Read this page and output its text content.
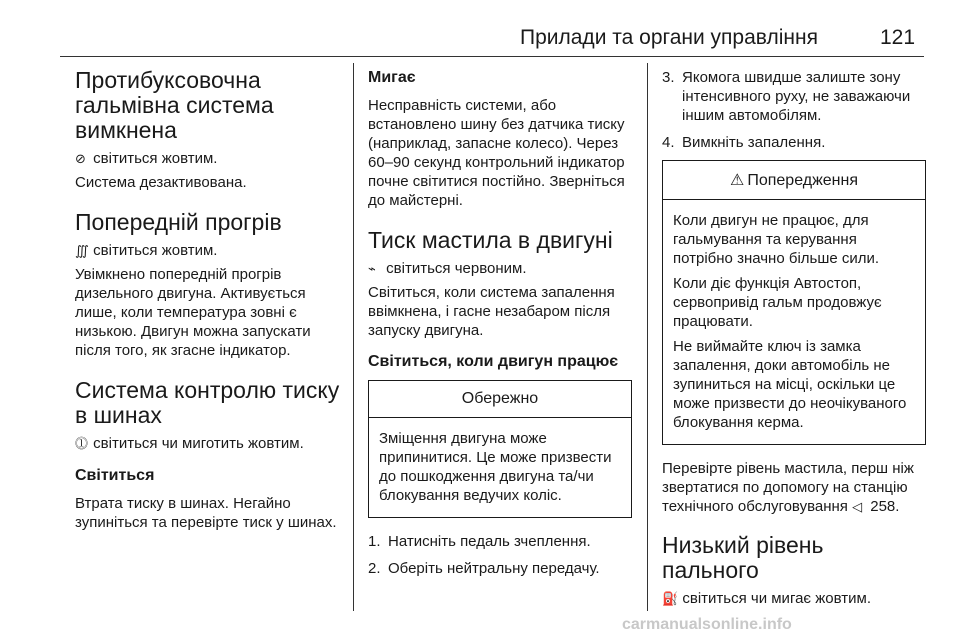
Прилади та органи управління	121
Протибуксовочна гальмівна система вимкнена

⊘ світиться жовтим.

Система дезактивована.

Попередній прогрів

∭ світиться жовтим.

Увімкнено попередній прогрів дизельного двигуна. Активується лише, коли температура зовні є низькою. Двигун можна запускати після того, як згасне індикатор.

Система контролю тиску в шинах

⓵ світиться чи миготить жовтим.

Світиться

Втрата тиску в шинах. Негайно зупиніться та перевірте тиск у шинах.

Мигає

Несправність системи, або встановлено шину без датчика тиску (наприклад, запасне колесо). Через 60–90 секунд контрольний індикатор почне світитися постійно. Зверніться до майстерні.

Тиск мастила в двигуні

⌁ світиться червоним.

Світиться, коли система запалення ввімкнена, і гасне незабаром після запуску двигуна.

Світиться, коли двигун працює
Обережно

Зміщення двигуна може припинитися. Це може призвести до пошкодження двигуна та/чи блокування ведучих коліс.

1. Натисніть педаль зчеплення.
2. Оберіть нейтральну передачу.
3. Якомога швидше залиште зону інтенсивного руху, не заважаючи іншим автомобілям.
4. Вимкніть запалення.
⚠ Попередження

Коли двигун не працює, для гальмування та керування потрібно значно більше сили.

Коли діє функція Автостоп, сервопривід гальм продовжує працювати.

Не виймайте ключ із замка запалення, доки автомобіль не зупиниться на місці, оскільки це може призвести до неочікуваного блокування керма.

Перевірте рівень мастила, перш ніж звертатися по допомогу на станцію технічного обслуговування ◁ 258.

Низький рівень пального

⛽ світиться чи мигає жовтим.

carmanualsonline.info
